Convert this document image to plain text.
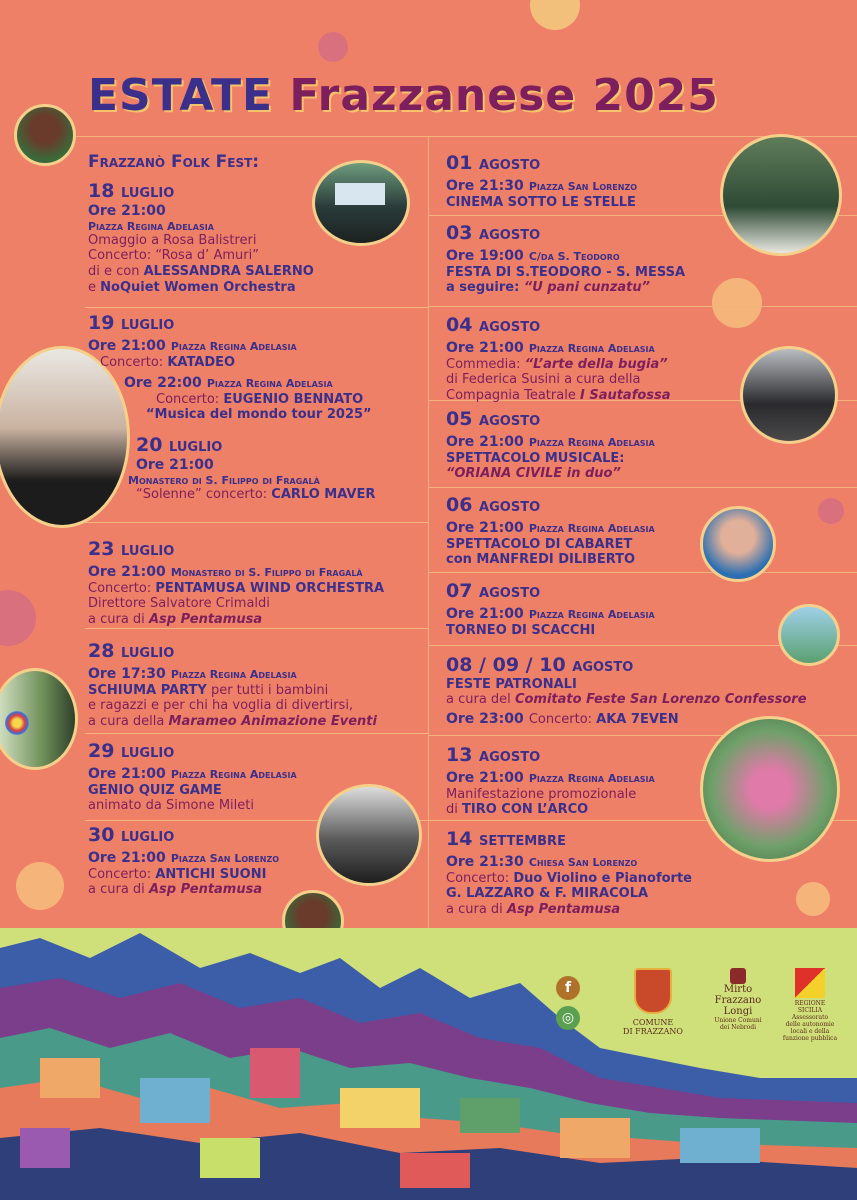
ESTATE Frazzanese 2025
Frazzanò Folk Fest:
18 luglio
Ore 21:00
Piazza Regina Adelasia
Omaggio a Rosa Balistreri
Concerto: “Rosa d’ Amuri”
di e con ALESSANDRA SALERNO
e NoQuiet Women Orchestra
19 luglio
Ore 21:00 Piazza Regina Adelasia
Concerto: KATADEO
Ore 22:00 Piazza Regina Adelasia
Concerto: EUGENIO BENNATO
“Musica del mondo tour 2025”
20 luglio
Ore 21:00
Monastero di S. Filippo di Fragalà
“Solenne” concerto: CARLO MAVER
23 luglio
Ore 21:00 Monastero di S. Filippo di Fragalà
Concerto: PENTAMUSA WIND ORCHESTRA
Direttore Salvatore Crimaldi
a cura di Asp Pentamusa
28 luglio
Ore 17:30 Piazza Regina Adelasia
SCHIUMA PARTY per tutti i bambini
e ragazzi e per chi ha voglia di divertirsi,
a cura della Marameo Animazione Eventi
29 luglio
Ore 21:00 Piazza Regina Adelasia
GENIO QUIZ GAME
animato da Simone Mileti
30 luglio
Ore 21:00 Piazza San Lorenzo
Concerto: ANTICHI SUONI
a cura di Asp Pentamusa
01 agosto
Ore 21:30 Piazza San Lorenzo
CINEMA SOTTO LE STELLE
03 agosto
Ore 19:00 C/da S. Teodoro
FESTA DI S.TEODORO - S. MESSA
a seguire: “U pani cunzatu”
04 agosto
Ore 21:00 Piazza Regina Adelasia
Commedia: “L’arte della bugia”
di Federica Susini a cura della
Compagnia Teatrale I Sautafossa
05 agosto
Ore 21:00 Piazza Regina Adelasia
SPETTACOLO MUSICALE:
“ORIANA CIVILE in duo”
06 agosto
Ore 21:00 Piazza Regina Adelasia
SPETTACOLO DI CABARET
con MANFREDI DILIBERTO
07 agosto
Ore 21:00 Piazza Regina Adelasia
TORNEO DI SCACCHI
08 / 09 / 10 agosto
FESTE PATRONALI
a cura del Comitato Feste San Lorenzo Confessore
Ore 23:00 Concerto: AKA 7EVEN
13 agosto
Ore 21:00 Piazza Regina Adelasia
Manifestazione promozionale
di TIRO CON L’ARCO
14 settembre
Ore 21:30 Chiesa San Lorenzo
Concerto: Duo Violino e Pianoforte
G. LAZZARO & F. MIRACOLA
a cura di Asp Pentamusa
f
◎	COMUNE
DI FRAZZANO
Mirto
Frazzano
Longi
Unione Comuni
dei Nebrodi
REGIONE SICILIA
Assessorato
delle autonomie
locali e della
funzione pubblica
